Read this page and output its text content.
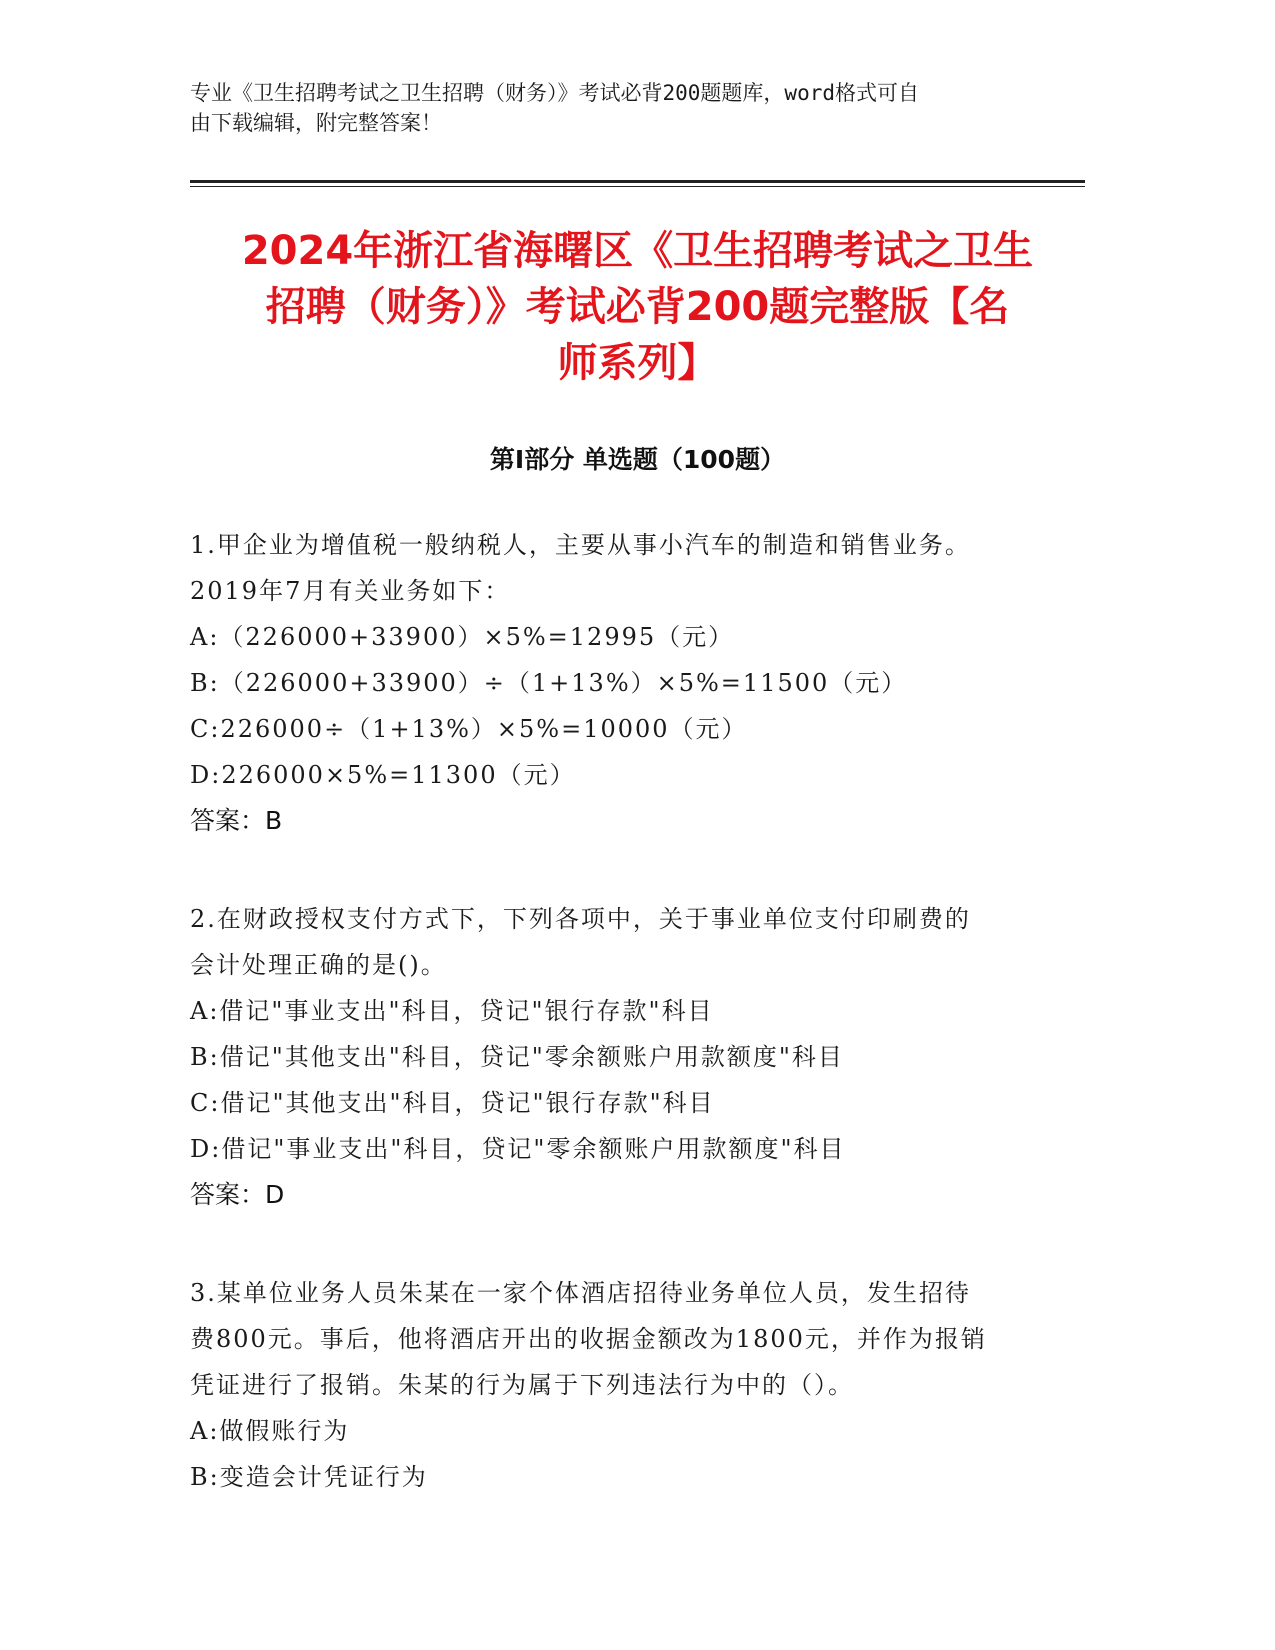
专业《卫生招聘考试之卫生招聘（财务）》考试必背200题题库，word格式可自
由下载编辑，附完整答案！
2024年浙江省海曙区《卫生招聘考试之卫生
招聘（财务）》考试必背200题完整版【名
师系列】
第I部分 单选题（100题）
1.甲企业为增值税一般纳税人，主要从事小汽车的制造和销售业务。
2019年7月有关业务如下：
A:（226000+33900）×5%=12995（元）
B:（226000+33900）÷（1+13%）×5%=11500（元）
C:226000÷（1+13%）×5%=10000（元）
D:226000×5%=11300（元）
答案：B
2.在财政授权支付方式下，下列各项中，关于事业单位支付印刷费的
会计处理正确的是()。
A:借记"事业支出"科目，贷记"银行存款"科目
B:借记"其他支出"科目，贷记"零余额账户用款额度"科目
C:借记"其他支出"科目，贷记"银行存款"科目
D:借记"事业支出"科目，贷记"零余额账户用款额度"科目
答案：D
3.某单位业务人员朱某在一家个体酒店招待业务单位人员，发生招待
费800元。事后，他将酒店开出的收据金额改为1800元，并作为报销
凭证进行了报销。朱某的行为属于下列违法行为中的（）。
A:做假账行为
B:变造会计凭证行为
